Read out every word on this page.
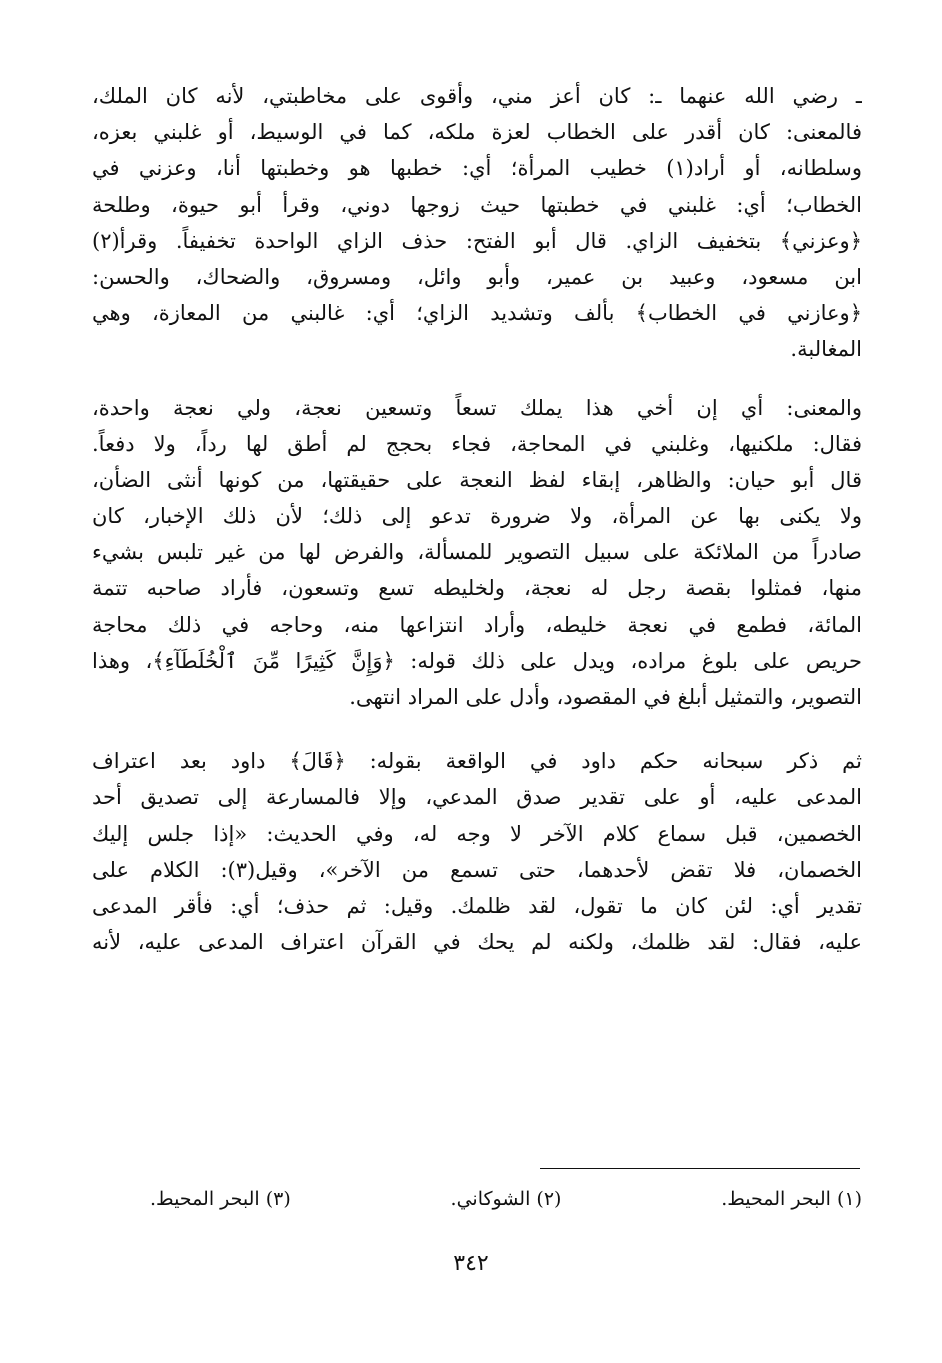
ـ رضي الله عنهما ـ: كان أعز مني، وأقوى على مخاطبتي، لأنه كان الملك،
فالمعنى: كان أقدر على الخطاب لعزة ملكه، كما في الوسيط، أو غلبني بعزه،
وسلطانه، أو أراد(١) خطيب المرأة؛ أي: خطبها هو وخطبتها أنا، وعزني في
الخطاب؛ أي: غلبني في خطبتها حيث زوجها دوني، وقرأ أبو حيوة، وطلحة
﴿وعزني﴾ بتخفيف الزاي. قال أبو الفتح: حذف الزاي الواحدة تخفيفاً. وقرأ(٢)
ابن مسعود، وعبيد بن عمير، وأبو وائل، ومسروق، والضحاك، والحسن:
﴿وعازني في الخطاب﴾ بألف وتشديد الزاي؛ أي: غالبني من المعازة، وهي
المغالبة.
والمعنى: أي إن أخي هذا يملك تسعاً وتسعين نعجة، ولي نعجة واحدة،
فقال: ملكنيها، وغلبني في المحاجة، فجاء بحجج لم أطق لها رداً، ولا دفعاً.
قال أبو حيان: والظاهر، إبقاء لفظ النعجة على حقيقتها، من كونها أنثى الضأن،
ولا يكنى بها عن المرأة، ولا ضرورة تدعو إلى ذلك؛ لأن ذلك الإخبار، كان
صادراً من الملائكة على سبيل التصوير للمسألة، والفرض لها من غير تلبس بشيء
منها، فمثلوا بقصة رجل له نعجة، ولخليطه تسع وتسعون، فأراد صاحبه تتمة
المائة، فطمع في نعجة خليطه، وأراد انتزاعها منه، وحاجه في ذلك محاجة
حريص على بلوغ مراده، ويدل على ذلك قوله: ﴿وَإِنَّ كَثِيرًا مِّنَ ٱلْخُلَطَآءِ﴾، وهذا
التصوير، والتمثيل أبلغ في المقصود، وأدل على المراد انتهى.
ثم ذكر سبحانه حكم داود في الواقعة بقوله: ﴿قَالَ﴾ داود بعد اعتراف
المدعى عليه، أو على تقدير صدق المدعي، وإلا فالمسارعة إلى تصديق أحد
الخصمين، قبل سماع كلام الآخر لا وجه له، وفي الحديث: «إذا جلس إليك
الخصمان، فلا تقض لأحدهما، حتى تسمع من الآخر»، وقيل(٣): الكلام على
تقدير أي: لئن كان ما تقول، لقد ظلمك. وقيل: ثم حذف؛ أي: فأقر المدعى
عليه، فقال: لقد ظلمك، ولكنه لم يحك في القرآن اعتراف المدعى عليه، لأنه
(١) البحر المحيط.
(٢) الشوكاني.
(٣) البحر المحيط.
٣٤٢
